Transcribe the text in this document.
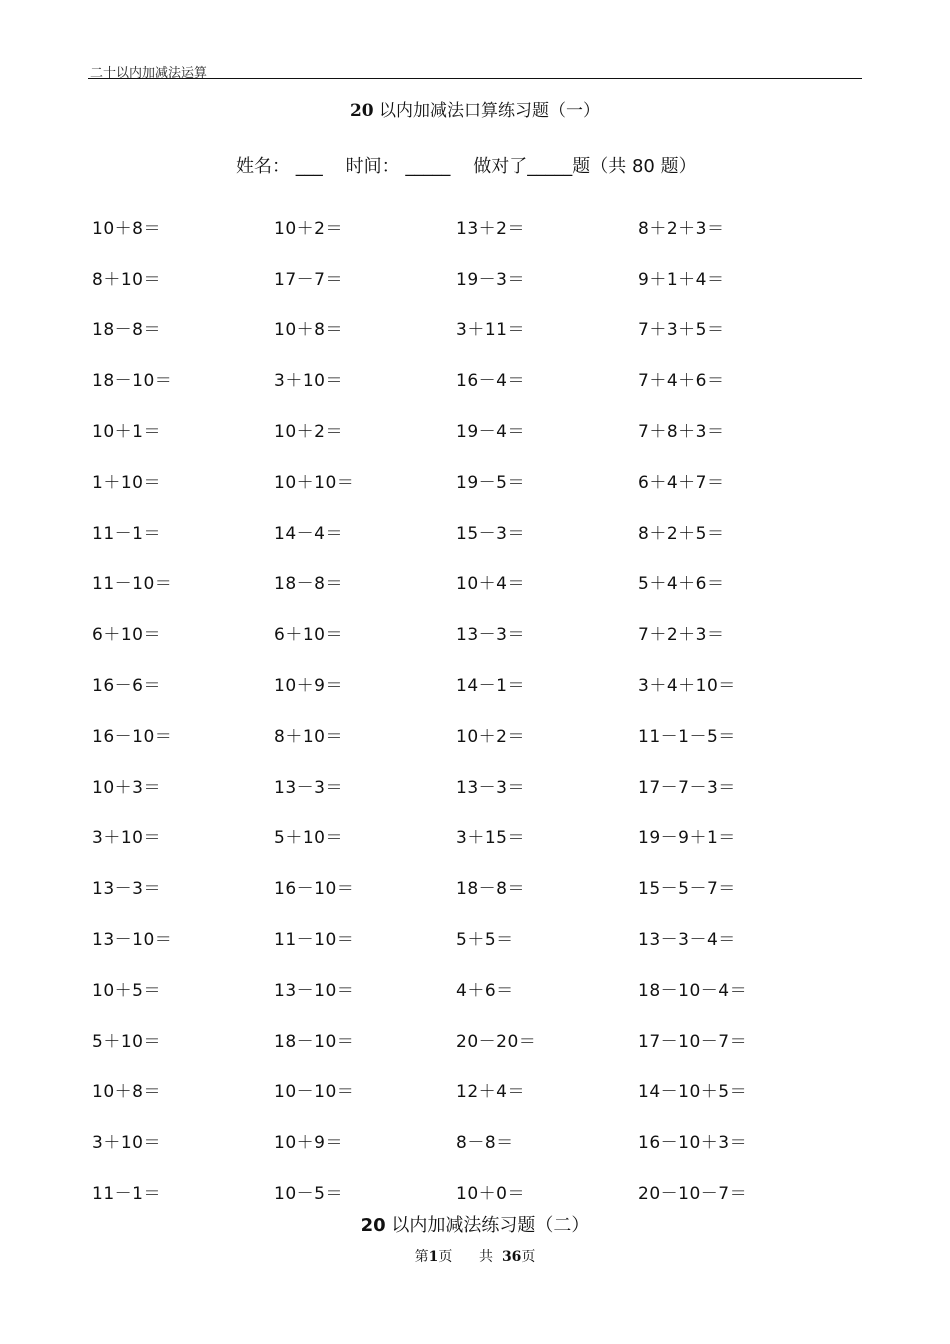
二十以内加减法运算
20 以内加减法口算练习题（一）
姓名： ___ 时间： _____ 做对了_____题（共 80 题）
10＋8＝	10＋2＝	13＋2＝	8＋2＋3＝
8＋10＝	17－7＝	19－3＝	9＋1＋4＝
18－8＝	10＋8＝	3＋11＝	7＋3＋5＝
18－10＝	3＋10＝	16－4＝	7＋4＋6＝
10＋1＝	10＋2＝	19－4＝	7＋8＋3＝
1＋10＝	10＋10＝	19－5＝	6＋4＋7＝
11－1＝	14－4＝	15－3＝	8＋2＋5＝
11－10＝	18－8＝	10＋4＝	5＋4＋6＝
6＋10＝	6＋10＝	13－3＝	7＋2＋3＝
16－6＝	10＋9＝	14－1＝	3＋4＋10＝
16－10＝	8＋10＝	10＋2＝	11－1－5＝
10＋3＝	13－3＝	13－3＝	17－7－3＝
3＋10＝	5＋10＝	3＋15＝	19－9＋1＝
13－3＝	16－10＝	18－8＝	15－5－7＝
13－10＝	11－10＝	5＋5＝	13－3－4＝
10＋5＝	13－10＝	4＋6＝	18－10－4＝
5＋10＝	18－10＝	20－20＝	17－10－7＝
10＋8＝	10－10＝	12＋4＝	14－10＋5＝
3＋10＝	10＋9＝	8－8＝	16－10＋3＝
11－1＝	10－5＝	10＋0＝	20－10－7＝
20 以内加减法练习题（二）
第1页 共 36页
